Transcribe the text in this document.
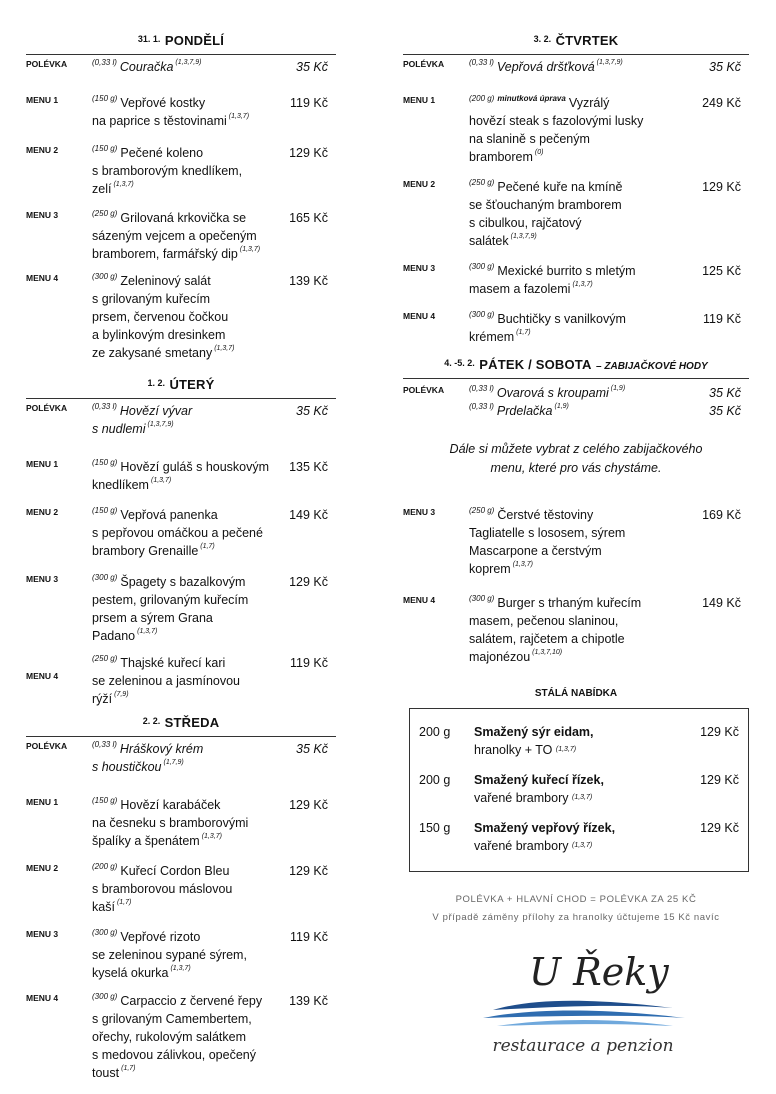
$^{31. 1.}$ PONDĚLÍ
POLÉVKA	$^{(0,33 l)}$ Couračka $^{(1,3,7,9)}$	35 Kč
MENU 1	$^{(150 g)}$ Vepřové kostky
na paprice s těstovinami $^{(1,3,7)}$
119 Kč
MENU 2	$^{(150 g)}$ Pečené koleno
s bramborovým knedlíkem,
zelí $^{(1,3,7)}$
129 Kč
MENU 3	$^{(250 g)}$ Grilovaná krkovička se
sázeným vejcem a opečeným
bramborem, farmářský dip $^{(1,3,7)}$
165 Kč
MENU 4	$^{(300 g)}$ Zeleninový salát
s grilovaným kuřecím
prsem, červenou čočkou
a bylinkovým dresinkem
ze zakysané smetany $^{(1,3,7)}$
139 Kč
$^{1. 2.}$ ÚTERÝ
POLÉVKA	$^{(0,33 l)}$ Hovězí vývar
s nudlemi $^{(1,3,7,9)}$
35 Kč
MENU 1	$^{(150 g)}$ Hovězí guláš s houskovým
knedlíkem $^{(1,3,7)}$
135 Kč
MENU 2	$^{(150 g)}$ Vepřová panenka
s pepřovou omáčkou a pečené
brambory Grenaille $^{(1,7)}$
149 Kč
MENU 3	$^{(300 g)}$ Špagety s bazalkovým
pestem, grilovaným kuřecím
prsem a sýrem Grana
Padano $^{(1,3,7)}$
129 Kč
MENU 4
$^{(250 g)}$ Thajské kuřecí kari
se zeleninou a jasmínovou
rýží $^{(7,9)}$
119 Kč
$^{2. 2.}$ STŘEDA
POLÉVKA	$^{(0,33 l)}$ Hráškový krém
s houstičkou $^{(1,7,9)}$
35 Kč
MENU 1	$^{(150 g)}$ Hovězí karabáček
na česneku s bramborovými
špalíky a špenátem $^{(1,3,7)}$
129 Kč
MENU 2	$^{(200 g)}$ Kuřecí Cordon Bleu
s bramborovou máslovou
kaší $^{(1,7)}$
129 Kč
MENU 3	$^{(300 g)}$ Vepřové rizoto
se zeleninou sypané sýrem,
kyselá okurka $^{(1,3,7)}$
119 Kč
MENU 4	$^{(300 g)}$ Carpaccio z červené řepy
s grilovaným Camembertem,
ořechy, rukolovým salátkem
s medovou zálivkou, opečený
toust $^{(1,7)}$
139 Kč
$^{3. 2.}$ ČTVRTEK
POLÉVKA	$^{(0,33 l)}$ Vepřová dršťková $^{(1,3,7,9)}$	35 Kč
MENU 1	$^{(200 g)}$ $^{minutková úprava}$ Vyzrálý
hovězí steak s fazolovými lusky
na slanině s pečeným
bramborem $^{(0)}$
249 Kč
MENU 2	$^{(250 g)}$ Pečené kuře na kmíně
se šťouchaným bramborem
s cibulkou, rajčatový
salátek $^{(1,3,7,9)}$
129 Kč
MENU 3	$^{(300 g)}$ Mexické burrito s mletým
masem a fazolemi $^{(1,3,7)}$
125 Kč
MENU 4	$^{(300 g)}$ Buchtičky s vanilkovým
krémem $^{(1,7)}$
119 Kč
$^{4. -5. 2.}$ PÁTEK / SOBOTA – ZABIJAČKOVÉ HODY
POLÉVKA	$^{(0,33 l)}$ Ovarová s kroupami $^{(1,9)}$	35 Kč
$^{(0,33 l)}$ Prdelačka $^{(1,9)}$	35 Kč
Dále si můžete vybrat z celého zabijačkového
menu, které pro vás chystáme.
MENU 3	$^{(250 g)}$ Čerstvé těstoviny
Tagliatelle s lososem, sýrem
Mascarpone a čerstvým
koprem $^{(1,3,7)}$
169 Kč
MENU 4	$^{(300 g)}$ Burger s trhaným kuřecím
masem, pečenou slaninou,
salátem, rajčetem a chipotle
majonézou $^{(1,3,7,10)}$
149 Kč
STÁLÁ NABÍDKA
200 g Smažený sýr eidam,
hranolky + TO $^{(1,3,7)}$
129 Kč
200 g Smažený kuřecí řízek,
vařené brambory $^{(1,3,7)}$
129 Kč
150 g Smažený vepřový řízek,
vařené brambory $^{(1,3,7)}$
129 Kč
POLÉVKA + HLAVNÍ CHOD = POLÉVKA ZA 25 KČ
V případě záměny přílohy za hranolky účtujeme 15 Kč navíc
U Řeky
restaurace a penzion
